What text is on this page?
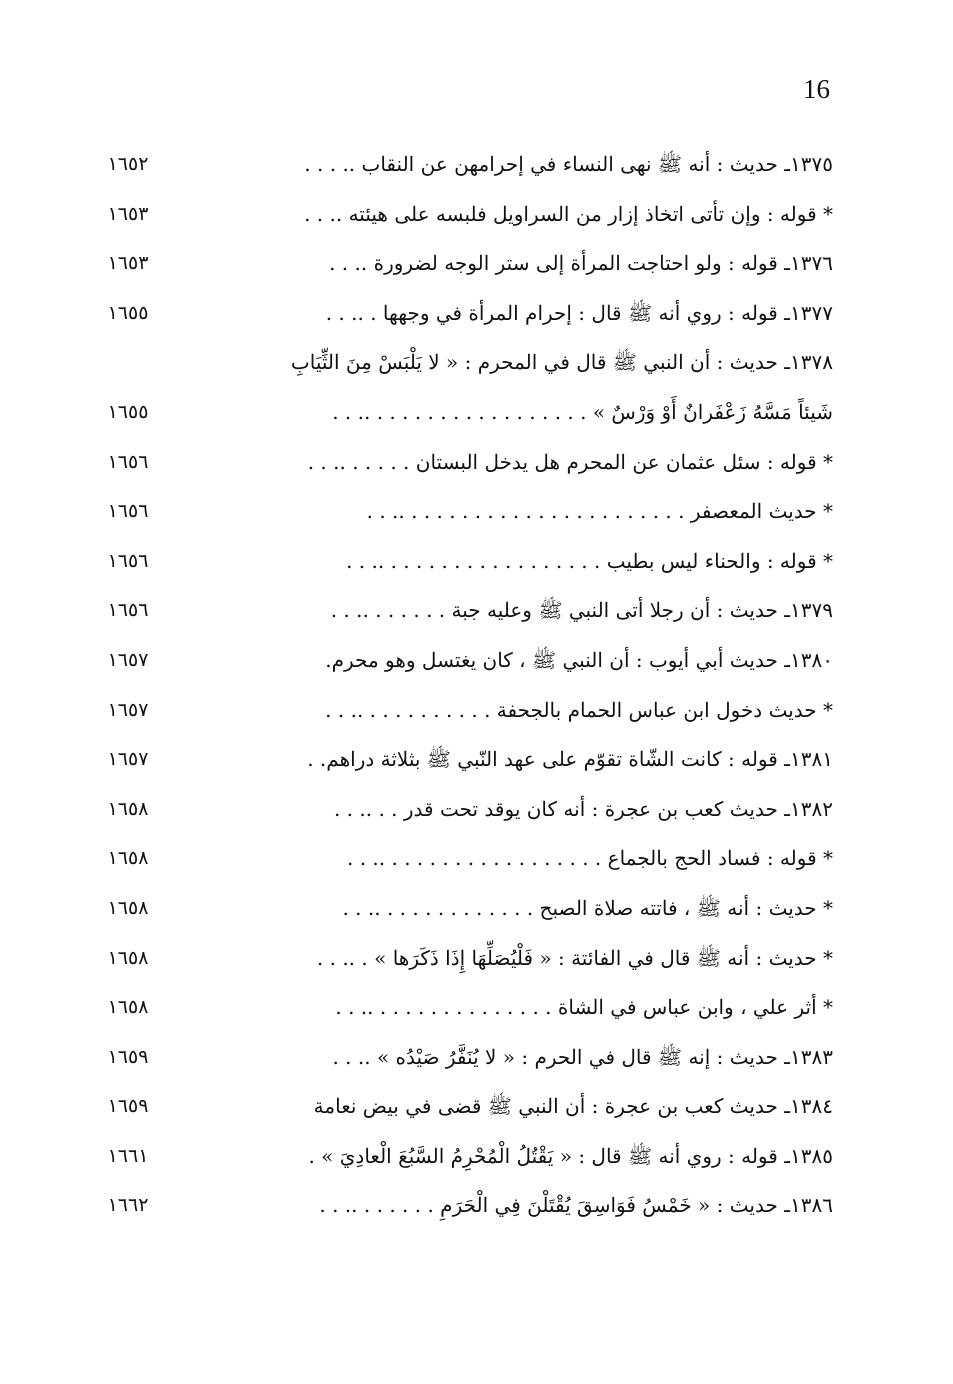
16
١٣٧٥ـ حديث : أنه ﷺ نهى النساء في إحرامهن عن النقاب .. . . .
١٦٥٢
* قوله : وإن تأتى اتخاذ إزار من السراويل فلبسه على هيئته .. . .
١٦٥٣
١٣٧٦ـ قوله : ولو احتاجت المرأة إلى ستر الوجه لضرورة .. . .
١٦٥٣
١٣٧٧ـ قوله : روي أنه ﷺ قال : إحرام المرأة في وجهها . .. . .
١٦٥٥
١٣٧٨ـ حديث : أن النبي ﷺ قال في المحرم : « لا يَلْبَسْ مِنَ الثِّيَابِ
شَيئاً مَسَّهُ زَعْفَرانٌ أَوْ وَرْسٌ » . . . . . . . . . . . . . . . . . .. . .
١٦٥٥
* قوله : سئل عثمان عن المحرم هل يدخل البستان . . . . . .. . .
١٦٥٦
* حديث المعصفر . . . . . . . . . . . . . . . . . . . . . . .. . .
١٦٥٦
* قوله : والحناء ليس بطيب . . . . . . . . . . . . . . . . . .. . .
١٦٥٦
١٣٧٩ـ حديث : أن رجلا أتى النبي ﷺ وعليه جبة . . . . . . .. . .
١٦٥٦
١٣٨٠ـ حديث أبي أيوب : أن النبي ﷺ ، كان يغتسل وهو محرم.
١٦٥٧
* حديث دخول ابن عباس الحمام بالجحفة . . . . . . . . . . .. . .
١٦٥٧
١٣٨١ـ قوله : كانت الشّاة تقوّم على عهد النّبي ﷺ بثلاثة دراهم. .
١٦٥٧
١٣٨٢ـ حديث كعب بن عجرة : أنه كان يوقد تحت قدر . . .. . .
١٦٥٨
* قوله : فساد الحج بالجماع . . . . . . . . . . . . . . . . . .. . .
١٦٥٨
* حديث : أنه ﷺ ، فاتته صلاة الصبح . . . . . . . . . . . . .. . .
١٦٥٨
* حديث : أنه ﷺ قال في الفائتة : « فَلْيُصَلِّهَا إِذَا ذَكَرَها » . .. . .
١٦٥٨
* أثر علي ، وابن عباس في الشاة . . . . . . . . . . . . . . .. . .
١٦٥٨
١٣٨٣ـ حديث : إنه ﷺ قال في الحرم : « لا يُنَفَّرُ صَيْدُه » .. . .
١٦٥٩
١٣٨٤ـ حديث كعب بن عجرة : أن النبي ﷺ قضى في بيض نعامة
١٦٥٩
١٣٨٥ـ قوله : روي أنه ﷺ قال : « يَقْتُلُ الْمُحْرِمُ السَّبُعَ الْعادِيَ » .
١٦٦١
١٣٨٦ـ حديث : « خَمْسُ فَوَاسِقَ يُقْتَلْنَ فِي الْحَرَمِ . . . . . . .. . .
١٦٦٢
